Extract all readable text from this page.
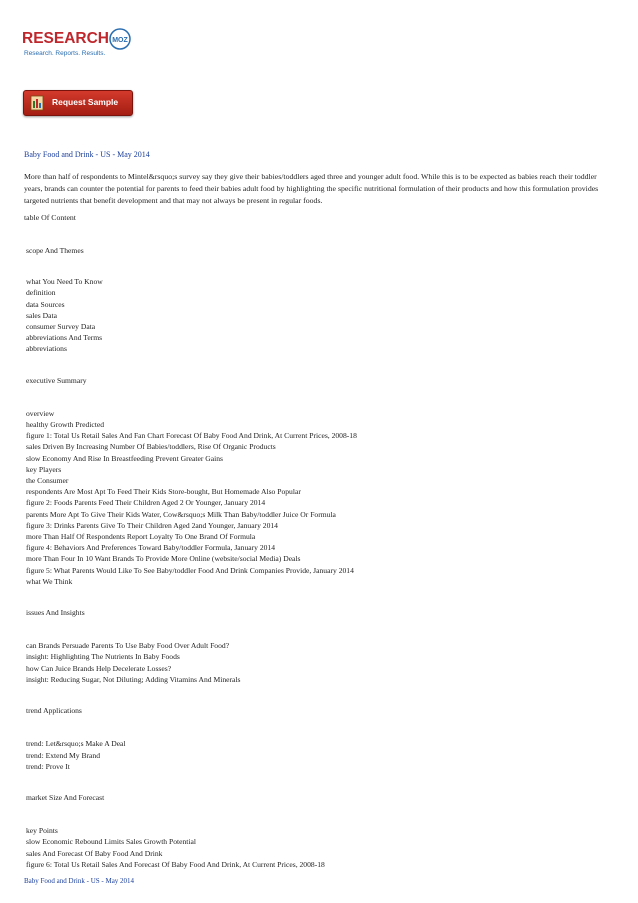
RESEARCH MOZ
Research. Reports. Results.
Request Sample
Baby Food and Drink - US - May 2014
More than half of respondents to Mintel&rsquo;s survey say they give their babies/toddlers aged three and younger adult food. While this is to be expected as babies reach their toddler years, brands can counter the potential for parents to feed their babies adult food by highlighting the specific nutritional formulation of their products and how this formulation provides targeted nutrients that benefit development and that may not always be present in regular foods.
table Of Content
scope And Themes
what You Need To Know
definition
data Sources
sales Data
consumer Survey Data
abbreviations And Terms
abbreviations
executive Summary
overview
healthy Growth Predicted
figure 1: Total Us Retail Sales And Fan Chart Forecast Of Baby Food And Drink, At Current Prices, 2008-18
sales Driven By Increasing Number Of Babies/toddlers, Rise Of Organic Products
slow Economy And Rise In Breastfeeding Prevent Greater Gains
key Players
the Consumer
respondents Are Most Apt To Feed Their Kids Store-bought, But Homemade Also Popular
figure 2: Foods Parents Feed Their Children Aged 2 Or Younger, January 2014
parents More Apt To Give Their Kids Water, Cow&rsquo;s Milk Than Baby/toddler Juice Or Formula
figure 3: Drinks Parents Give To Their Children Aged 2and Younger, January 2014
more Than Half Of Respondents Report Loyalty To One Brand Of Formula
figure 4: Behaviors And Preferences Toward Baby/toddler Formula, January 2014
more Than Four In 10 Want Brands To Provide More Online (website/social Media) Deals
figure 5: What Parents Would Like To See Baby/toddler Food And Drink Companies Provide, January 2014
what We Think
issues And Insights
can Brands Persuade Parents To Use Baby Food Over Adult Food?
insight: Highlighting The Nutrients In Baby Foods
how Can Juice Brands Help Decelerate Losses?
insight: Reducing Sugar, Not Diluting; Adding Vitamins And Minerals
trend Applications
trend: Let&rsquo;s Make A Deal
trend: Extend My Brand
trend: Prove It
market Size And Forecast
key Points
slow Economic Rebound Limits Sales Growth Potential
sales And Forecast Of Baby Food And Drink
figure 6: Total Us Retail Sales And Forecast Of Baby Food And Drink, At Current Prices, 2008-18
Baby Food and Drink - US - May 2014
